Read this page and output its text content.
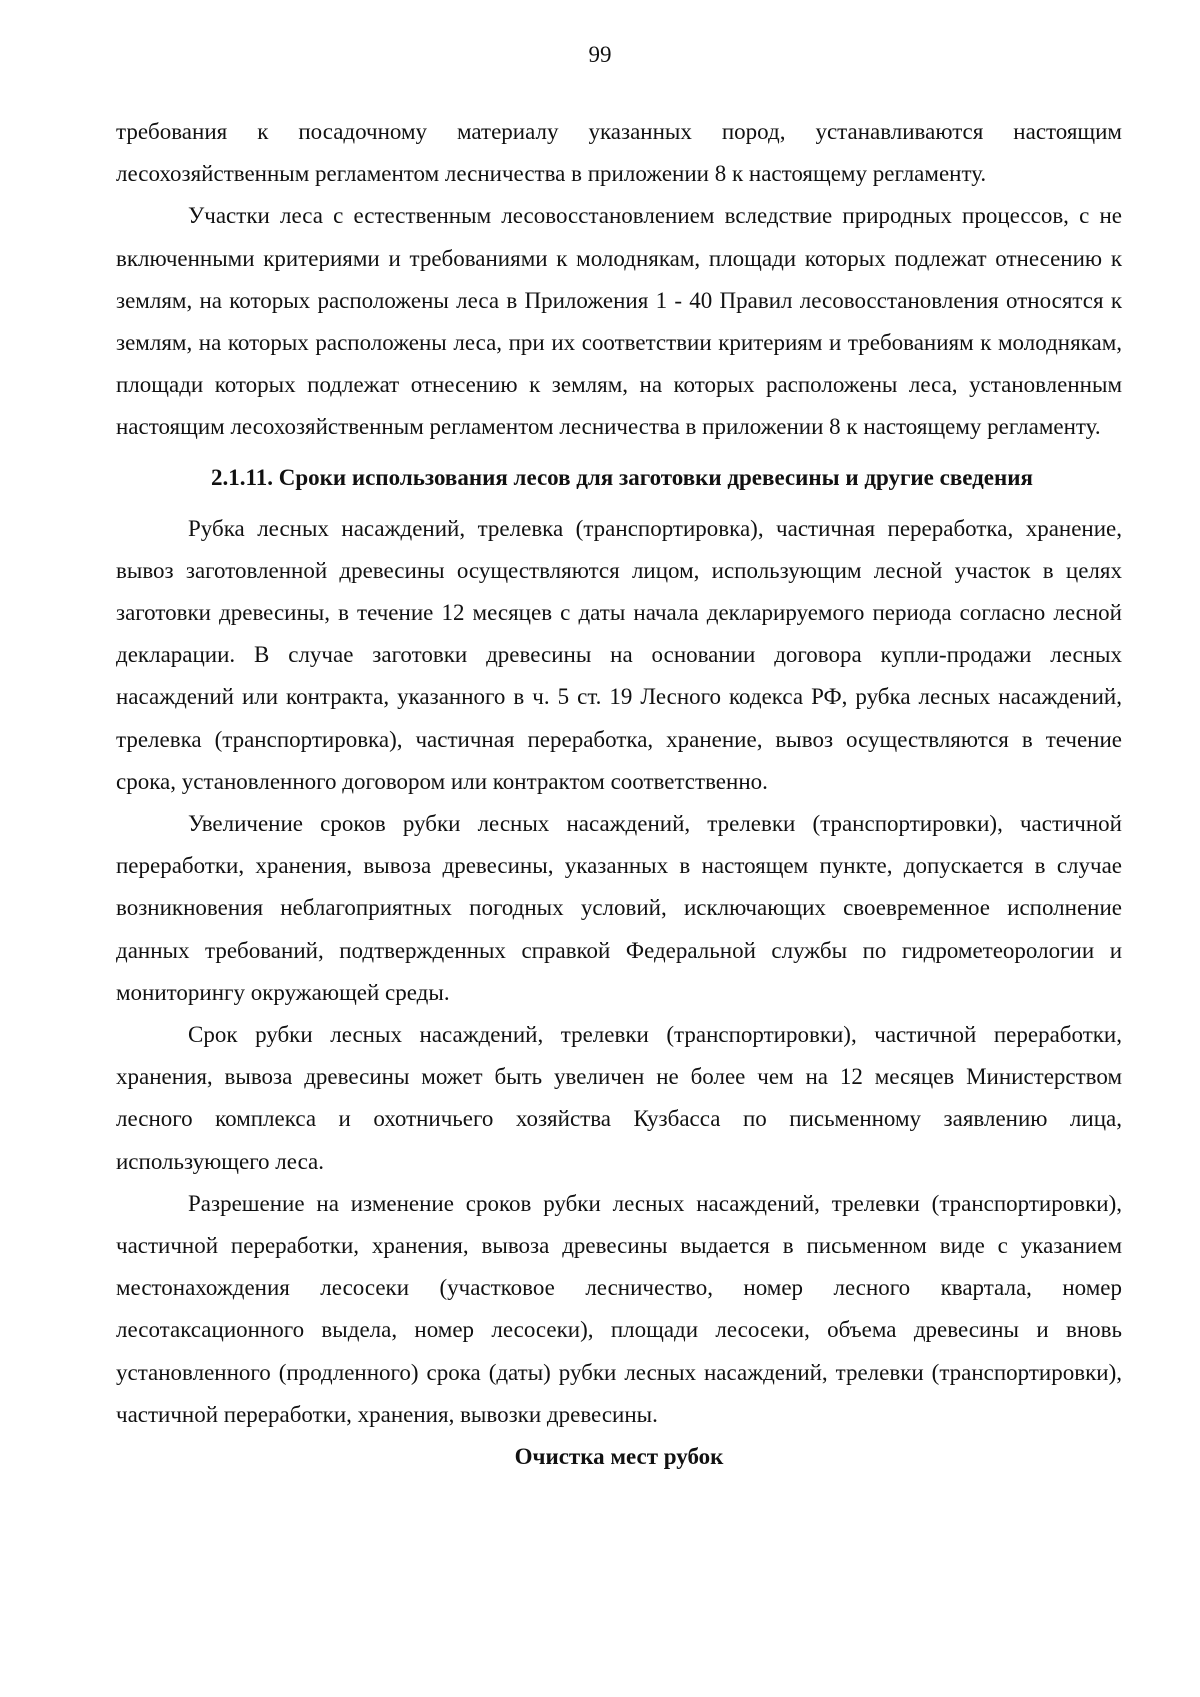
99

требования к посадочному материалу указанных пород, устанавливаются настоящим лесохозяйственным регламентом лесничества в приложении 8 к настоящему регламенту.

Участки леса с естественным лесовосстановлением вследствие природных процессов, с не включенными критериями и требованиями к молоднякам, площади которых подлежат отнесению к землям, на которых расположены леса в Приложения 1 - 40 Правил лесовосстановления относятся к землям, на которых расположены леса, при их соответствии критериям и требованиям к молоднякам, площади которых подлежат отнесению к землям, на которых расположены леса, установленным настоящим лесохозяйственным регламентом лесничества в приложении 8 к настоящему регламенту.

2.1.11. Сроки использования лесов для заготовки древесины и другие сведения

Рубка лесных насаждений, трелевка (транспортировка), частичная переработка, хранение, вывоз заготовленной древесины осуществляются лицом, использующим лесной участок в целях заготовки древесины, в течение 12 месяцев с даты начала декларируемого периода согласно лесной декларации. В случае заготовки древесины на основании договора купли-продажи лесных насаждений или контракта, указанного в ч. 5 ст. 19 Лесного кодекса РФ, рубка лесных насаждений, трелевка (транспортировка), частичная переработка, хранение, вывоз осуществляются в течение срока, установленного договором или контрактом соответственно.

Увеличение сроков рубки лесных насаждений, трелевки (транспортировки), частичной переработки, хранения, вывоза древесины, указанных в настоящем пункте, допускается в случае возникновения неблагоприятных погодных условий, исключающих своевременное исполнение данных требований, подтвержденных справкой Федеральной службы по гидрометеорологии и мониторингу окружающей среды.

Срок рубки лесных насаждений, трелевки (транспортировки), частичной переработки, хранения, вывоза древесины может быть увеличен не более чем на 12 месяцев Министерством лесного комплекса и охотничьего хозяйства Кузбасса по письменному заявлению лица, использующего леса.

Разрешение на изменение сроков рубки лесных насаждений, трелевки (транспортировки), частичной переработки, хранения, вывоза древесины выдается в письменном виде с указанием местонахождения лесосеки (участковое лесничество, номер лесного квартала, номер лесотаксационного выдела, номер лесосеки), площади лесосеки, объема древесины и вновь установленного (продленного) срока (даты) рубки лесных насаждений, трелевки (транспортировки), частичной переработки, хранения, вывозки древесины.

Очистка мест рубок
